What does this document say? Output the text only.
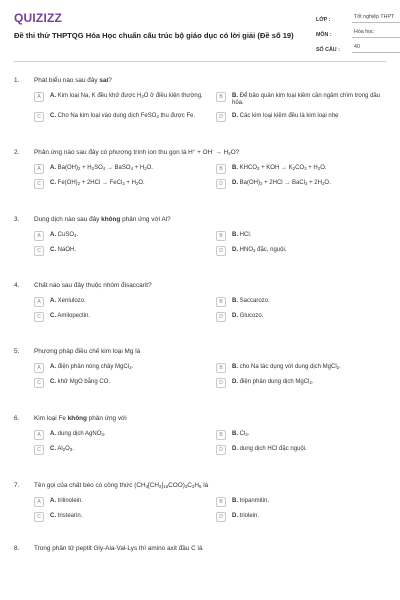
QUIZIZZ
Đề thi thử THPTQG Hóa Học chuẩn cấu trúc bộ giáo dục có lời giải (Đề số 19)
LỚP :	Tốt nghiệp THPT
MÔN :	Hóa học
SỐ CÂU :	40
1.	Phát biểu nào sau đây sai?
A	A. Kim loại Na, K đều khử được $H_2O$ ở điều kiện thường.	B	B. Để bảo quản kim loại kiềm cần ngâm chìm trong dầu hỏa.
C	C. Cho Na kim loại vào dung dịch FeSO$_4$ thu được Fe.	D	D. Các kim loại kiềm đều là kim loại nhẹ
2.	Phản ứng nào sau đây có phương trình ion thu gọn là $H^+ + OH^- \to H_2O$?
A	A. $Ba(OH)_2 + H_2SO_4$ → BaSO$_4$ + $H_2O$.	B	B. $KHCO_3$ + KOH → $K_2CO_3 + H_2O$.
C	C. $Fe(OH)_2 + 2HCl$ → FeCl$_2$ + $H_2O$.	D	D. $Ba(OH)_2 + 2HCl$ → BaCl$_2$ + $2H_2O$.
3.	Dung dịch nào sau đây không phản ứng với Al?
A	A. CuSO$_4$.	B	B. HCl.
C	C. NaOH.	D	D. $HNO_3$ đặc, nguội.
4.	Chất nào sau đây thuộc nhóm đisaccarit?
A	A. Xenlulozo.	B	B. Saccarozo.
C	C. Amilopectin.	D	D. Glucozo.
5.	Phương pháp điều chế kim loại Mg là
A	A. điện phân nóng chảy MgCl$_2$.	B	B. cho Na tác dụng với dung dịch MgCl$_2$.
C	C. khử MgO bằng CO.	D	D. điện phân dung dịch MgCl$_2$.
6.	Kim loại Fe không phản ứng với
A	A. dung dịch AgNO$_3$.	B	B. $Cl_2$.
C	C. $Al_2O_3$.	D	D. dung dịch HCl đặc nguội.
7.	Tên gọi của chất béo có công thức $(CH_3[CH_2]_{16}COO)_3C_3H_5$ là
A	A. trilinolein.	B	B. tripanmitin.
C	C. tristearin.	D	D. triolein.
8.	Trong phân tử peptit Gly-Ala-Val-Lys thì amino axit đầu C là
